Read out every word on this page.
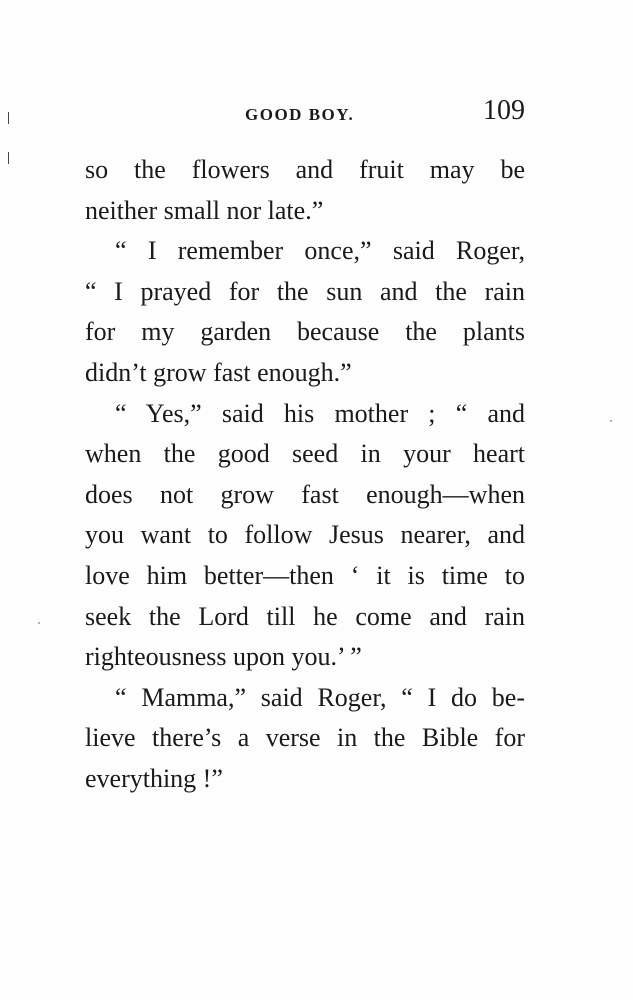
GOOD BOY.	109
so the flowers and fruit may be
neither small nor late.”
“ I remember once,” said Roger,
“ I prayed for the sun and the rain
for my garden because the plants
didn’t grow fast enough.”
“ Yes,” said his mother ; “ and
when the good seed in your heart
does not grow fast enough—when
you want to follow Jesus nearer, and
love him better—then ‘ it is time to
seek the Lord till he come and rain
righteousness upon you.’ ”
“ Mamma,” said Roger, “ I do be-
lieve there’s a verse in the Bible for
everything !”
